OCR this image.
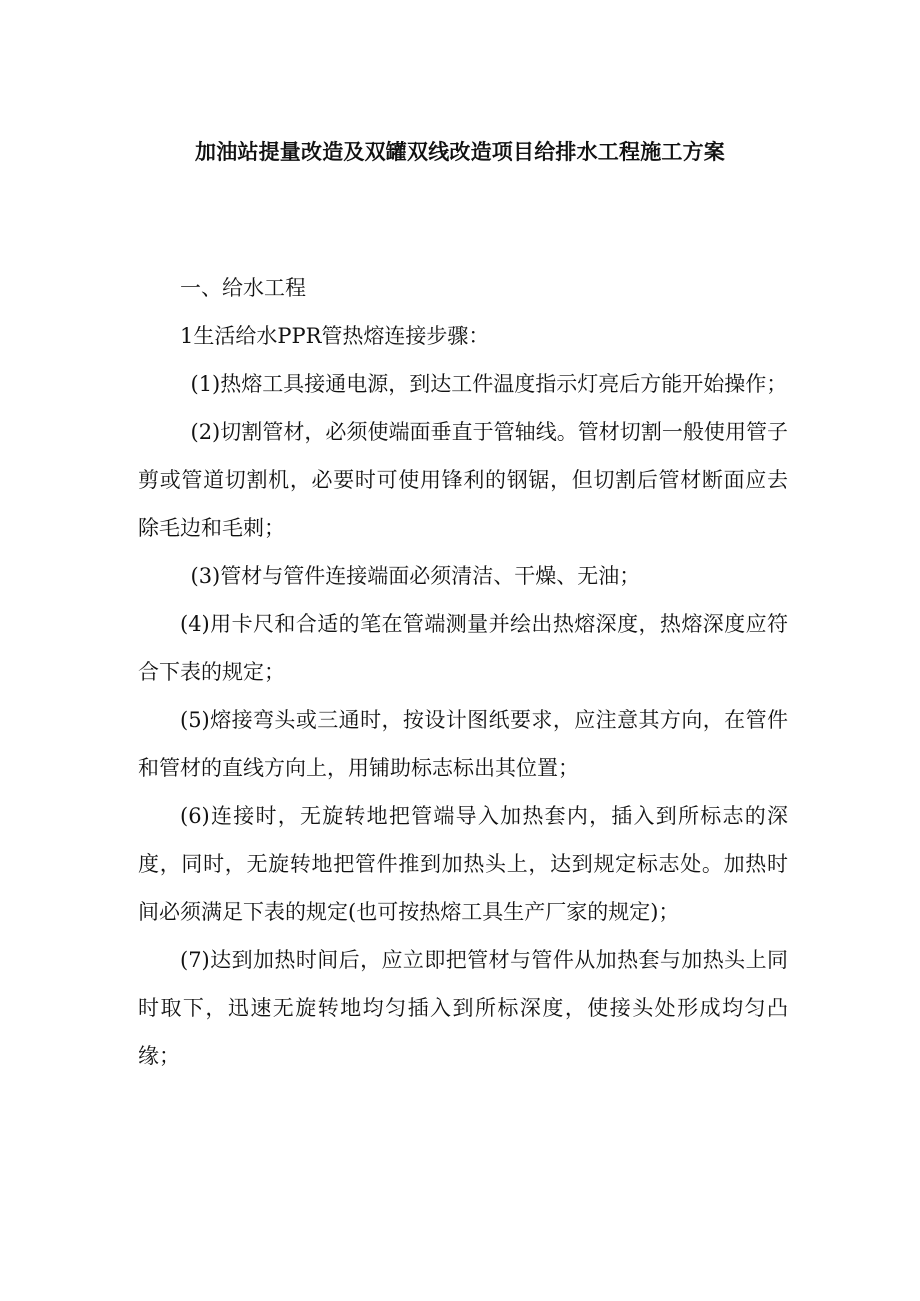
加油站提量改造及双罐双线改造项目给排水工程施工方案

一、给水工程

1生活给水PPR管热熔连接步骤：

(1)热熔工具接通电源，到达工件温度指示灯亮后方能开始操作；

(2)切割管材，必须使端面垂直于管轴线。管材切割一般使用管子剪或管道切割机，必要时可使用锋利的钢锯，但切割后管材断面应去除毛边和毛刺；

(3)管材与管件连接端面必须清洁、干燥、无油；

(4)用卡尺和合适的笔在管端测量并绘出热熔深度，热熔深度应符合下表的规定；

(5)熔接弯头或三通时，按设计图纸要求，应注意其方向，在管件和管材的直线方向上，用铺助标志标出其位置；

(6)连接时，无旋转地把管端导入加热套内，插入到所标志的深度，同时，无旋转地把管件推到加热头上，达到规定标志处。加热时间必须满足下表的规定(也可按热熔工具生产厂家的规定)；

(7)达到加热时间后，应立即把管材与管件从加热套与加热头上同时取下，迅速无旋转地均匀插入到所标深度，使接头处形成均匀凸缘；
